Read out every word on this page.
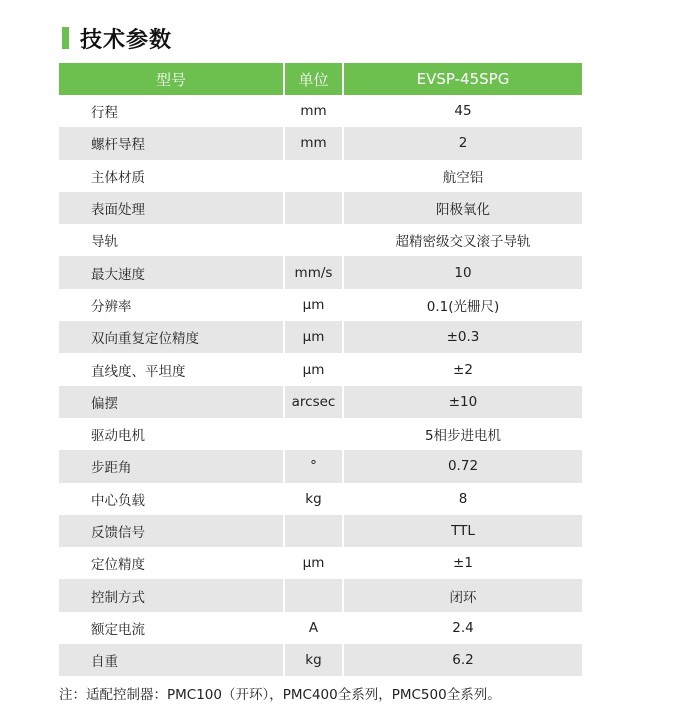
技术参数
型号	单位	EVSP-45SPG
行程	mm	45
螺杆导程	mm	2
主体材质		航空铝
表面处理		阳极氧化
导轨		超精密级交叉滚子导轨
最大速度	mm/s	10
分辨率	μm	0.1(光栅尺)
双向重复定位精度	μm	±0.3
直线度、平坦度	μm	±2
偏摆	arcsec	±10
驱动电机		5相步进电机
步距角	°	0.72
中心负载	kg	8
反馈信号		TTL
定位精度	μm	±1
控制方式		闭环
额定电流	A	2.4
自重	kg	6.2
注：适配控制器：PMC100（开环），PMC400全系列，PMC500全系列。
